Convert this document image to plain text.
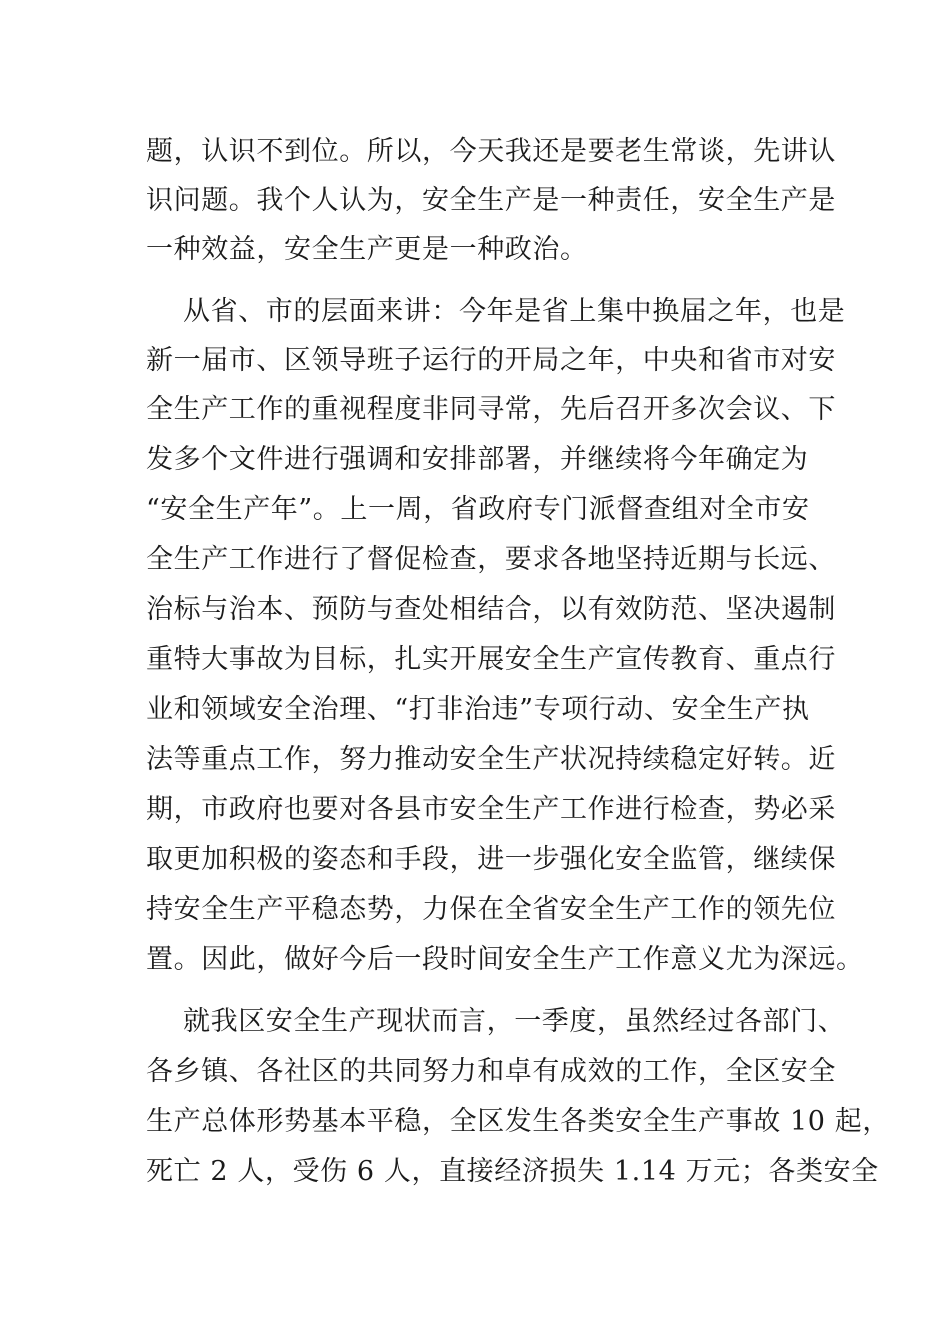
题，认识不到位。所以，今天我还是要老生常谈，先讲认

识问题。我个人认为，安全生产是一种责任，安全生产是

一种效益，安全生产更是一种政治。

从省、市的层面来讲：今年是省上集中换届之年，也是

新一届市、区领导班子运行的开局之年，中央和省市对安

全生产工作的重视程度非同寻常，先后召开多次会议、下

发多个文件进行强调和安排部署，并继续将今年确定为

“安全生产年”。上一周，省政府专门派督查组对全市安

全生产工作进行了督促检查，要求各地坚持近期与长远、

治标与治本、预防与查处相结合，以有效防范、坚决遏制

重特大事故为目标，扎实开展安全生产宣传教育、重点行

业和领域安全治理、“打非治违”专项行动、安全生产执

法等重点工作，努力推动安全生产状况持续稳定好转。近

期，市政府也要对各县市安全生产工作进行检查，势必采

取更加积极的姿态和手段，进一步强化安全监管，继续保

持安全生产平稳态势，力保在全省安全生产工作的领先位

置。因此，做好今后一段时间安全生产工作意义尤为深远。

就我区安全生产现状而言，一季度，虽然经过各部门、

各乡镇、各社区的共同努力和卓有成效的工作，全区安全

生产总体形势基本平稳，全区发生各类安全生产事故 10 起，

死亡 2 人，受伤 6 人，直接经济损失 1.14 万元；各类安全
